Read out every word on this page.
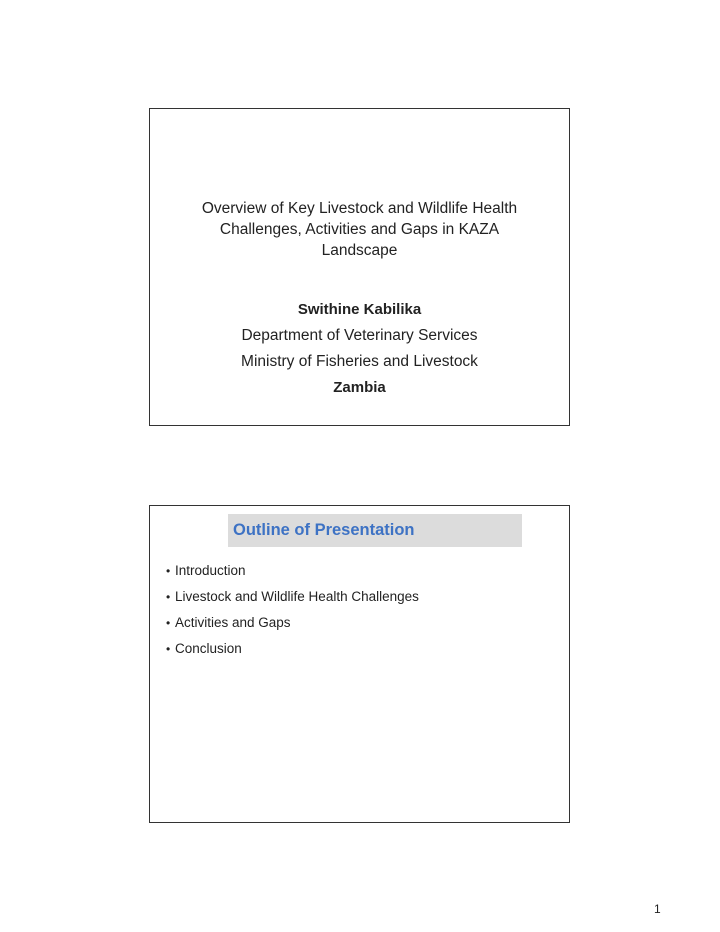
Overview of Key Livestock and Wildlife Health
Challenges, Activities and Gaps in KAZA
Landscape
Swithine Kabilika
Department of Veterinary Services
Ministry of Fisheries and Livestock
Zambia
Outline of Presentation
• Introduction
• Livestock and Wildlife Health Challenges
• Activities and Gaps
• Conclusion
1
